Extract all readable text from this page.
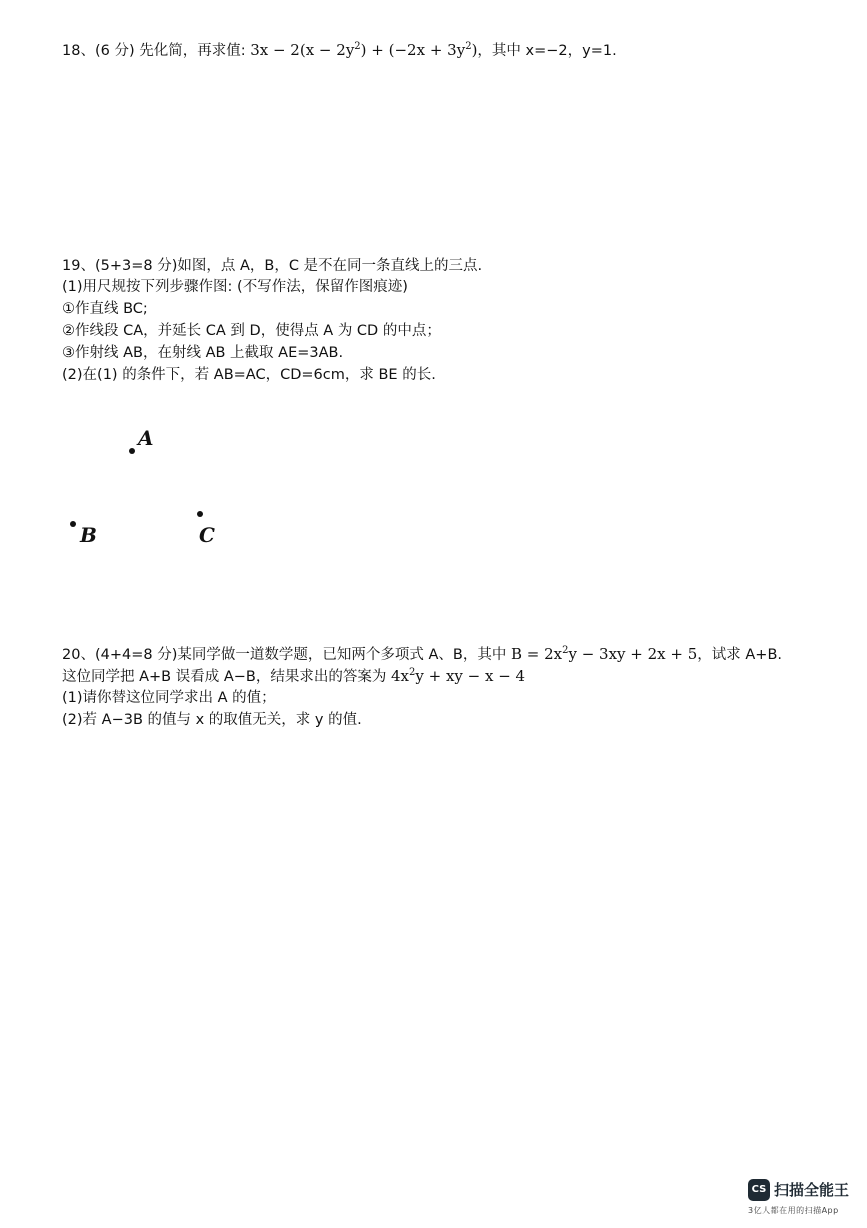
18、(6 分) 先化简，再求值: $3x - 2(x - 2y^2) + (-2x + 3y^2)$，其中 x=−2，y=1.
19、(5+3=8 分)如图，点 A，B，C 是不在同一条直线上的三点.
(1)用尺规按下列步骤作图: (不写作法，保留作图痕迹)
①作直线 BC;
②作线段 CA，并延长 CA 到 D，使得点 A 为 CD 的中点；
③作射线 AB，在射线 AB 上截取 AE=3AB.
(2)在(1) 的条件下，若 AB=AC，CD=6cm，求 BE 的长.
A
B	C
20、(4+4=8 分)某同学做一道数学题，已知两个多项式 A、B，其中 $B = 2x^2y - 3xy + 2x + 5$，试求 A+B.
这位同学把 A+B 误看成 A−B，结果求出的答案为 $4x^2y$ + xy − x − 4
(1)请你替这位同学求出 A 的值；
(2)若 A−3B 的值与 x 的取值无关，求 y 的值.
CS 扫描全能王
3亿人都在用的扫描App
